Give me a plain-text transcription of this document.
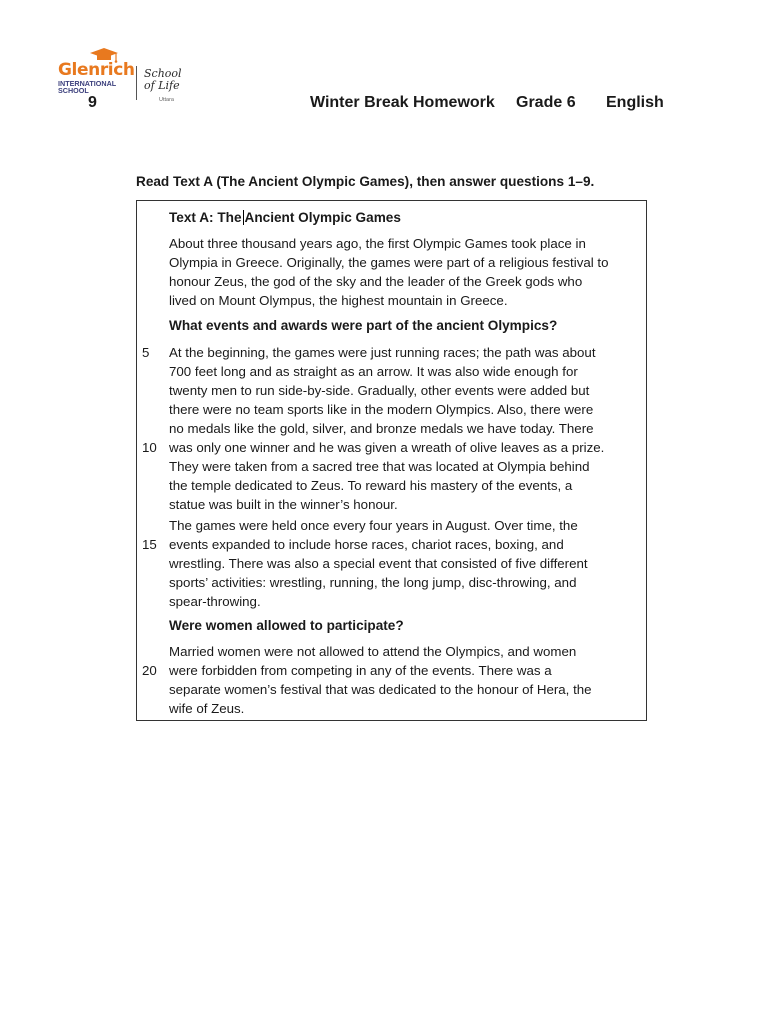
Glenrich
INTERNATIONAL
SCHOOL
School
of Life
Uttara
9	Winter Break Homework Grade 6 English
Read Text A (The Ancient Olympic Games), then answer questions 1–9.
Text A: The Ancient Olympic Games
About three thousand years ago, the first Olympic Games took place in
Olympia in Greece. Originally, the games were part of a religious festival to
honour Zeus, the god of the sky and the leader of the Greek gods who
lived on Mount Olympus, the highest mountain in Greece.
What events and awards were part of the ancient Olympics?
At the beginning, the games were just running races; the path was about
700 feet long and as straight as an arrow. It was also wide enough for
twenty men to run side-by-side. Gradually, other events were added but
there were no team sports like in the modern Olympics. Also, there were
no medals like the gold, silver, and bronze medals we have today. There
was only one winner and he was given a wreath of olive leaves as a prize.
They were taken from a sacred tree that was located at Olympia behind
the temple dedicated to Zeus. To reward his mastery of the events, a
statue was built in the winner’s honour.
The games were held once every four years in August. Over time, the
events expanded to include horse races, chariot races, boxing, and
wrestling. There was also a special event that consisted of five different
sports’ activities: wrestling, running, the long jump, disc-throwing, and
spear-throwing.
Were women allowed to participate?
Married women were not allowed to attend the Olympics, and women
were forbidden from competing in any of the events. There was a
separate women’s festival that was dedicated to the honour of Hera, the
wife of Zeus.
5
10
15
20
